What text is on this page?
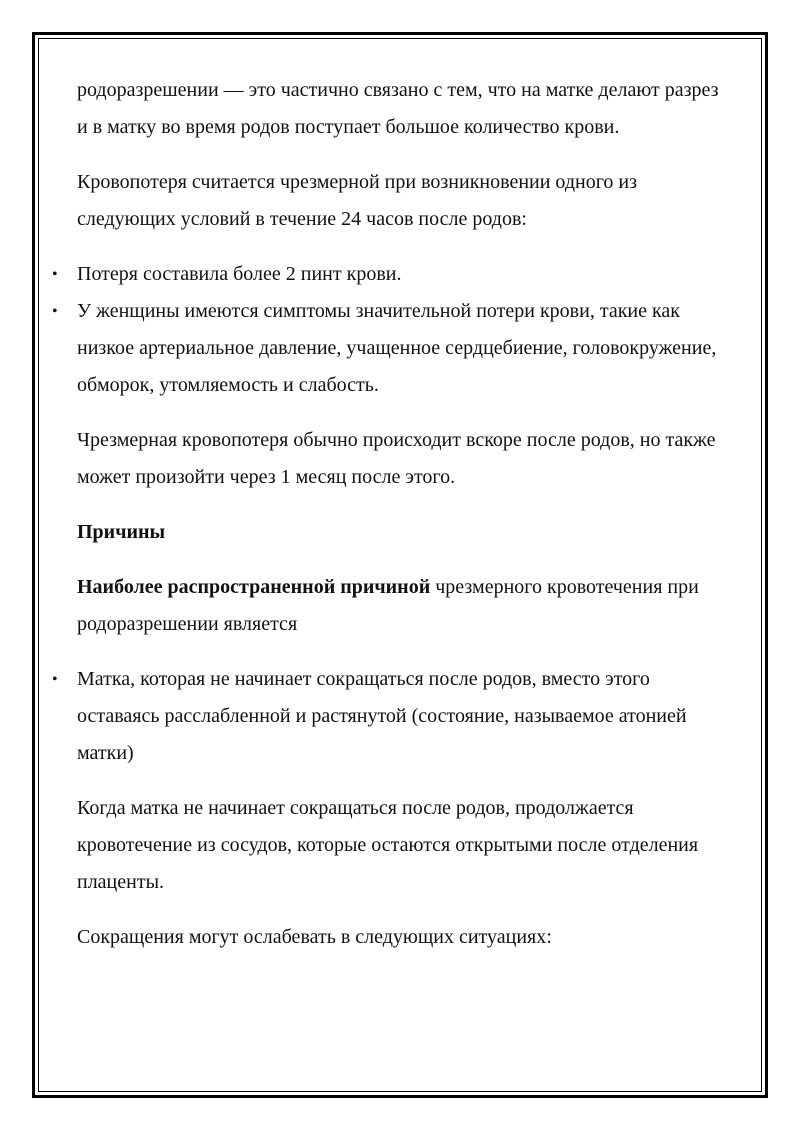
родоразрешении — это частично связано с тем, что на матке делают разрез и в матку во время родов поступает большое количество крови.

Кровопотеря считается чрезмерной при возникновении одного из следующих условий в течение 24 часов после родов:

• Потеря составила более 2 пинт крови.
• У женщины имеются симптомы значительной потери крови, такие как низкое артериальное давление, учащенное сердцебиение, головокружение, обморок, утомляемость и слабость.

Чрезмерная кровопотеря обычно происходит вскоре после родов, но также может произойти через 1 месяц после этого.

Причины

Наиболее распространенной причиной чрезмерного кровотечения при родоразрешении является

• Матка, которая не начинает сокращаться после родов, вместо этого оставаясь расслабленной и растянутой (состояние, называемое атонией матки)

Когда матка не начинает сокращаться после родов, продолжается кровотечение из сосудов, которые остаются открытыми после отделения плаценты.

Сокращения могут ослабевать в следующих ситуациях:
